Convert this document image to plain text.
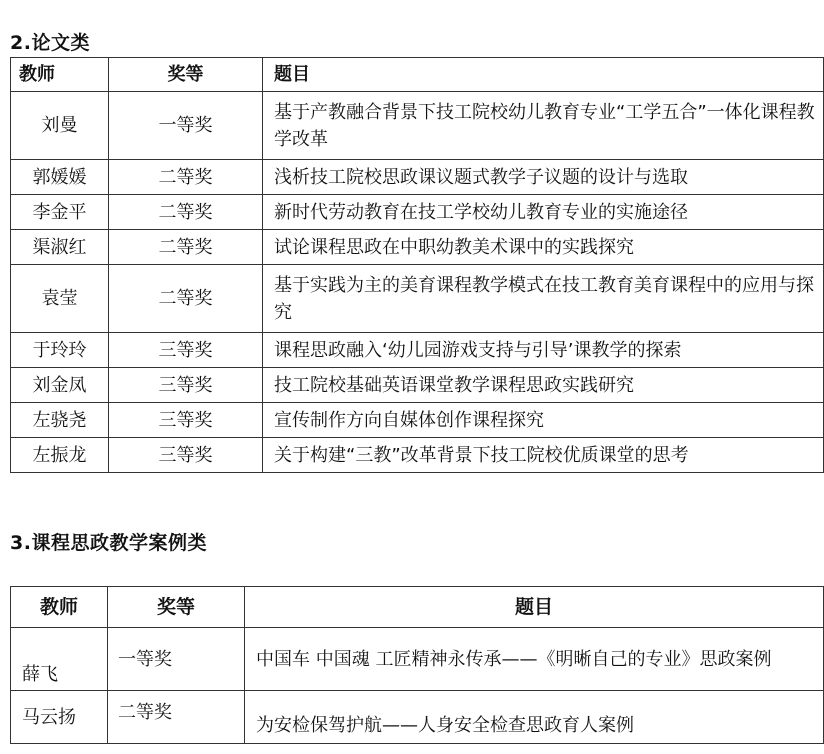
2.论文类
教师	奖等	题目
刘曼	一等奖	基于产教融合背景下技工院校幼儿教育专业“工学五合”一体化课程教学改革
郭媛媛	二等奖	浅析技工院校思政课议题式教学子议题的设计与选取
李金平	二等奖	新时代劳动教育在技工学校幼儿教育专业的实施途径
渠淑红	二等奖	试论课程思政在中职幼教美术课中的实践探究
袁莹	二等奖	基于实践为主的美育课程教学模式在技工教育美育课程中的应用与探究
于玲玲	三等奖	课程思政融入‘幼儿园游戏支持与引导’课教学的探索
刘金凤	三等奖	技工院校基础英语课堂教学课程思政实践研究
左骁尧	三等奖	宣传制作方向自媒体创作课程探究
左振龙	三等奖	关于构建“三教”改革背景下技工院校优质课堂的思考
3.课程思政教学案例类
教师	奖等	题目
薛飞	一等奖	中国车 中国魂 工匠精神永传承——《明晰自己的专业》思政案例
马云扬	二等奖	为安检保驾护航——人身安全检查思政育人案例
